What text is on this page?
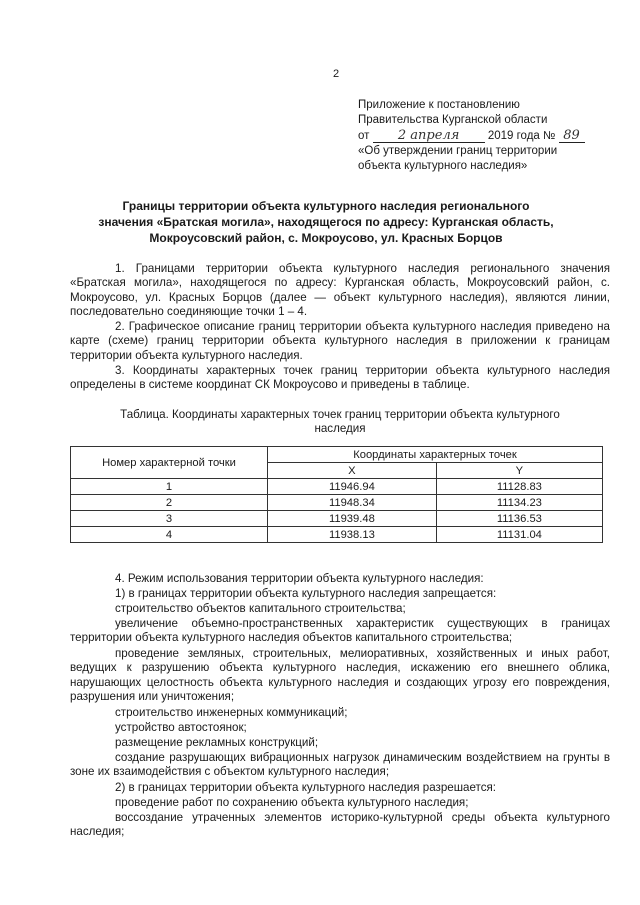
2
Приложение к постановлению
Правительства Курганской области
от 2 апреля 2019 года № 89
«Об утверждении границ территории
объекта культурного наследия»
Границы территории объекта культурного наследия регионального
значения «Братская могила», находящегося по адресу: Курганская область,
Мокроусовский район, с. Мокроусово, ул. Красных Борцов

1. Границами территории объекта культурного наследия регионального значения «Братская могила», находящегося по адресу: Курганская область, Мокроусовский район, с. Мокроусово, ул. Красных Борцов (далее — объект культурного наследия), являются линии, последовательно соединяющие точки 1 – 4.

2. Графическое описание границ территории объекта культурного наследия приведено на карте (схеме) границ территории объекта культурного наследия в приложении к границам территории объекта культурного наследия.

3. Координаты характерных точек границ территории объекта культурного наследия определены в системе координат СК Мокроусово и приведены в таблице.

Таблица. Координаты характерных точек границ территории объекта культурного
наследия
Номер характерной точки	Координаты характерных точек	
	X	Y
1	11946.94	11128.83
2	11948.34	11134.23
3	11939.48	11136.53
4	11938.13	11131.04

4. Режим использования территории объекта культурного наследия:

1) в границах территории объекта культурного наследия запрещается:

строительство объектов капитального строительства;

увеличение объемно-пространственных характеристик существующих в границах территории объекта культурного наследия объектов капитального строительства;

проведение земляных, строительных, мелиоративных, хозяйственных и иных работ, ведущих к разрушению объекта культурного наследия, искажению его внешнего облика, нарушающих целостность объекта культурного наследия и создающих угрозу его повреждения, разрушения или уничтожения;

строительство инженерных коммуникаций;

устройство автостоянок;

размещение рекламных конструкций;

создание разрушающих вибрационных нагрузок динамическим воздействием на грунты в зоне их взаимодействия с объектом культурного наследия;

2) в границах территории объекта культурного наследия разрешается:

проведение работ по сохранению объекта культурного наследия;

воссоздание утраченных элементов историко-культурной среды объекта культурного наследия;
